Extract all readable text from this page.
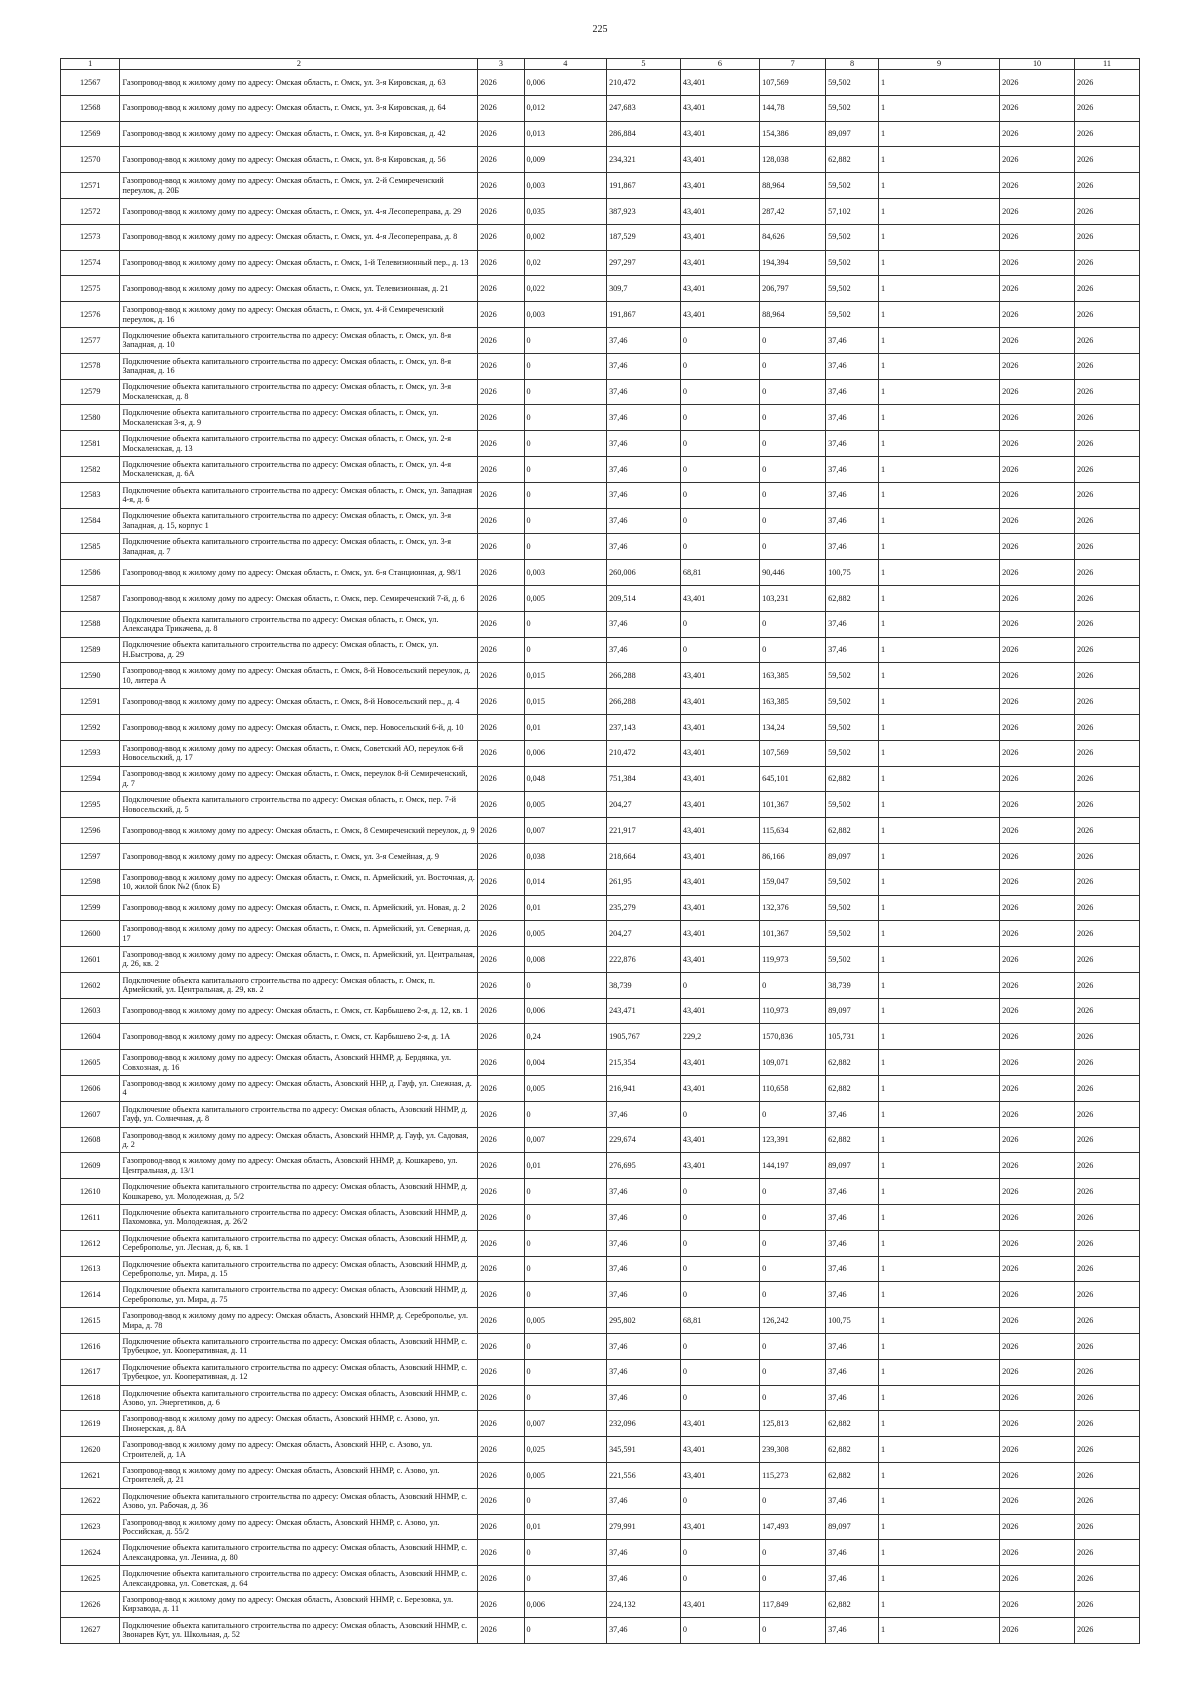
225
1	2	3	4	5	6	7	8	9	10	11
12567	Газопровод-ввод к жилому дому по адресу: Омская область, г. Омск, ул. 3-я Кировская, д. 63	2026	0,006	210,472	43,401	107,569	59,502	1	2026	2026
12568	Газопровод-ввод к жилому дому по адресу: Омская область, г. Омск, ул. 3-я Кировская, д. 64	2026	0,012	247,683	43,401	144,78	59,502	1	2026	2026
12569	Газопровод-ввод к жилому дому по адресу: Омская область, г. Омск, ул. 8-я Кировская, д. 42	2026	0,013	286,884	43,401	154,386	89,097	1	2026	2026
12570	Газопровод-ввод к жилому дому по адресу: Омская область, г. Омск, ул. 8-я Кировская, д. 56	2026	0,009	234,321	43,401	128,038	62,882	1	2026	2026
12571	Газопровод-ввод к жилому дому по адресу: Омская область, г. Омск, ул. 2-й Семиреченский переулок, д. 20Б	2026	0,003	191,867	43,401	88,964	59,502	1	2026	2026
12572	Газопровод-ввод к жилому дому по адресу: Омская область, г. Омск, ул. 4-я Лесопереправа, д. 29	2026	0,035	387,923	43,401	287,42	57,102	1	2026	2026
12573	Газопровод-ввод к жилому дому по адресу: Омская область, г. Омск, ул. 4-я Лесопереправа, д. 8	2026	0,002	187,529	43,401	84,626	59,502	1	2026	2026
12574	Газопровод-ввод к жилому дому по адресу: Омская область, г. Омск, 1-й Телевизионный пер., д. 13	2026	0,02	297,297	43,401	194,394	59,502	1	2026	2026
12575	Газопровод-ввод к жилому дому по адресу: Омская область, г. Омск, ул. Телевизионная, д. 21	2026	0,022	309,7	43,401	206,797	59,502	1	2026	2026
12576	Газопровод-ввод к жилому дому по адресу: Омская область, г. Омск, ул. 4-й Семиреченский переулок, д. 16	2026	0,003	191,867	43,401	88,964	59,502	1	2026	2026
12577	Подключение объекта капитального строительства по адресу: Омская область, г. Омск, ул. 8-я Западная, д. 10	2026	0	37,46	0	0	37,46	1	2026	2026
12578	Подключение объекта капитального строительства по адресу: Омская область, г. Омск, ул. 8-я Западная, д. 16	2026	0	37,46	0	0	37,46	1	2026	2026
12579	Подключение объекта капитального строительства по адресу: Омская область, г. Омск, ул. 3-я Москаленская, д. 8	2026	0	37,46	0	0	37,46	1	2026	2026
12580	Подключение объекта капитального строительства по адресу: Омская область, г. Омск, ул. Москаленская 3-я, д. 9	2026	0	37,46	0	0	37,46	1	2026	2026
12581	Подключение объекта капитального строительства по адресу: Омская область, г. Омск, ул. 2-я Москаленская, д. 13	2026	0	37,46	0	0	37,46	1	2026	2026
12582	Подключение объекта капитального строительства по адресу: Омская область, г. Омск, ул. 4-я Москаленская, д. 6А	2026	0	37,46	0	0	37,46	1	2026	2026
12583	Подключение объекта капитального строительства по адресу: Омская область, г. Омск, ул. Западная 4-я, д. 6	2026	0	37,46	0	0	37,46	1	2026	2026
12584	Подключение объекта капитального строительства по адресу: Омская область, г. Омск, ул. 3-я Западная, д. 15, корпус 1	2026	0	37,46	0	0	37,46	1	2026	2026
12585	Подключение объекта капитального строительства по адресу: Омская область, г. Омск, ул. 3-я Западная, д. 7	2026	0	37,46	0	0	37,46	1	2026	2026
12586	Газопровод-ввод к жилому дому по адресу: Омская область, г. Омск, ул. 6-я Станционная, д. 98/1	2026	0,003	260,006	68,81	90,446	100,75	1	2026	2026
12587	Газопровод-ввод к жилому дому по адресу: Омская область, г. Омск, пер. Семиреченский 7-й, д. 6	2026	0,005	209,514	43,401	103,231	62,882	1	2026	2026
12588	Подключение объекта капитального строительства по адресу: Омская область, г. Омск, ул. Александра Трикачева, д. 8	2026	0	37,46	0	0	37,46	1	2026	2026
12589	Подключение объекта капитального строительства по адресу: Омская область, г. Омск, ул. Н.Быстрова, д. 29	2026	0	37,46	0	0	37,46	1	2026	2026
12590	Газопровод-ввод к жилому дому по адресу: Омская область, г. Омск, 8-й Новосельский переулок, д. 10, литера А	2026	0,015	266,288	43,401	163,385	59,502	1	2026	2026
12591	Газопровод-ввод к жилому дому по адресу: Омская область, г. Омск, 8-й Новосельский пер., д. 4	2026	0,015	266,288	43,401	163,385	59,502	1	2026	2026
12592	Газопровод-ввод к жилому дому по адресу: Омская область, г. Омск, пер. Новосельский 6-й, д. 10	2026	0,01	237,143	43,401	134,24	59,502	1	2026	2026
12593	Газопровод-ввод к жилому дому по адресу: Омская область, г. Омск, Советский АО, переулок 6-й Новосельский, д. 17	2026	0,006	210,472	43,401	107,569	59,502	1	2026	2026
12594	Газопровод-ввод к жилому дому по адресу: Омская область, г. Омск, переулок 8-й Семиреченский, д. 7	2026	0,048	751,384	43,401	645,101	62,882	1	2026	2026
12595	Подключение объекта капитального строительства по адресу: Омская область, г. Омск, пер. 7-й Новосельский, д. 5	2026	0,005	204,27	43,401	101,367	59,502	1	2026	2026
12596	Газопровод-ввод к жилому дому по адресу: Омская область, г. Омск, 8 Семиреченский переулок, д. 9	2026	0,007	221,917	43,401	115,634	62,882	1	2026	2026
12597	Газопровод-ввод к жилому дому по адресу: Омская область, г. Омск, ул. 3-я Семейная, д. 9	2026	0,038	218,664	43,401	86,166	89,097	1	2026	2026
12598	Газопровод-ввод к жилому дому по адресу: Омская область, г. Омск, п. Армейский, ул. Восточная, д. 10, жилой блок №2 (блок Б)	2026	0,014	261,95	43,401	159,047	59,502	1	2026	2026
12599	Газопровод-ввод к жилому дому по адресу: Омская область, г. Омск, п. Армейский, ул. Новая, д. 2	2026	0,01	235,279	43,401	132,376	59,502	1	2026	2026
12600	Газопровод-ввод к жилому дому по адресу: Омская область, г. Омск, п. Армейский, ул. Северная, д. 17	2026	0,005	204,27	43,401	101,367	59,502	1	2026	2026
12601	Газопровод-ввод к жилому дому по адресу: Омская область, г. Омск, п. Армейский, ул. Центральная, д. 26, кв. 2	2026	0,008	222,876	43,401	119,973	59,502	1	2026	2026
12602	Подключение объекта капитального строительства по адресу: Омская область, г. Омск, п. Армейский, ул. Центральная, д. 29, кв. 2	2026	0	38,739	0	0	38,739	1	2026	2026
12603	Газопровод-ввод к жилому дому по адресу: Омская область, г. Омск, ст. Карбышево 2-я, д. 12, кв. 1	2026	0,006	243,471	43,401	110,973	89,097	1	2026	2026
12604	Газопровод-ввод к жилому дому по адресу: Омская область, г. Омск, ст. Карбышево 2-я, д. 1А	2026	0,24	1905,767	229,2	1570,836	105,731	1	2026	2026
12605	Газопровод-ввод к жилому дому по адресу: Омская область, Азовский ННМР, д. Бердянка, ул. Совхозная, д. 16	2026	0,004	215,354	43,401	109,071	62,882	1	2026	2026
12606	Газопровод-ввод к жилому дому по адресу: Омская область, Азовский ННР, д. Гауф, ул. Снежная, д. 4	2026	0,005	216,941	43,401	110,658	62,882	1	2026	2026
12607	Подключение объекта капитального строительства по адресу: Омская область, Азовский ННМР, д. Гауф, ул. Солнечная, д. 8	2026	0	37,46	0	0	37,46	1	2026	2026
12608	Газопровод-ввод к жилому дому по адресу: Омская область, Азовский ННМР, д. Гауф, ул. Садовая, д. 2	2026	0,007	229,674	43,401	123,391	62,882	1	2026	2026
12609	Газопровод-ввод к жилому дому по адресу: Омская область, Азовский ННМР, д. Кошкарево, ул. Центральная, д. 13/1	2026	0,01	276,695	43,401	144,197	89,097	1	2026	2026
12610	Подключение объекта капитального строительства по адресу: Омская область, Азовский ННМР, д. Кошкарево, ул. Молодежная, д. 5/2	2026	0	37,46	0	0	37,46	1	2026	2026
12611	Подключение объекта капитального строительства по адресу: Омская область, Азовский ННМР, д. Пахомовка, ул. Молодежная, д. 26/2	2026	0	37,46	0	0	37,46	1	2026	2026
12612	Подключение объекта капитального строительства по адресу: Омская область, Азовский ННМР, д. Сереброполье, ул. Лесная, д. 6, кв. 1	2026	0	37,46	0	0	37,46	1	2026	2026
12613	Подключение объекта капитального строительства по адресу: Омская область, Азовский ННМР, д. Сереброполье, ул. Мира, д. 15	2026	0	37,46	0	0	37,46	1	2026	2026
12614	Подключение объекта капитального строительства по адресу: Омская область, Азовский ННМР, д. Сереброполье, ул. Мира, д. 75	2026	0	37,46	0	0	37,46	1	2026	2026
12615	Газопровод-ввод к жилому дому по адресу: Омская область, Азовский ННМР, д. Сереброполье, ул. Мира, д. 78	2026	0,005	295,802	68,81	126,242	100,75	1	2026	2026
12616	Подключение объекта капитального строительства по адресу: Омская область, Азовский ННМР, с. Трубецкое, ул. Кооперативная, д. 11	2026	0	37,46	0	0	37,46	1	2026	2026
12617	Подключение объекта капитального строительства по адресу: Омская область, Азовский ННМР, с. Трубецкое, ул. Кооперативная, д. 12	2026	0	37,46	0	0	37,46	1	2026	2026
12618	Подключение объекта капитального строительства по адресу: Омская область, Азовский ННМР, с. Азово, ул. Энергетиков, д. 6	2026	0	37,46	0	0	37,46	1	2026	2026
12619	Газопровод-ввод к жилому дому по адресу: Омская область, Азовский ННМР, с. Азово, ул. Пионерская, д. 8А	2026	0,007	232,096	43,401	125,813	62,882	1	2026	2026
12620	Газопровод-ввод к жилому дому по адресу: Омская область, Азовский ННР, с. Азово, ул. Строителей, д. 1А	2026	0,025	345,591	43,401	239,308	62,882	1	2026	2026
12621	Газопровод-ввод к жилому дому по адресу: Омская область, Азовский ННМР, с. Азово, ул. Строителей, д. 21	2026	0,005	221,556	43,401	115,273	62,882	1	2026	2026
12622	Подключение объекта капитального строительства по адресу: Омская область, Азовский ННМР, с. Азово, ул. Рабочая, д. 36	2026	0	37,46	0	0	37,46	1	2026	2026
12623	Газопровод-ввод к жилому дому по адресу: Омская область, Азовский ННМР, с. Азово, ул. Российская, д. 55/2	2026	0,01	279,991	43,401	147,493	89,097	1	2026	2026
12624	Подключение объекта капитального строительства по адресу: Омская область, Азовский ННМР, с. Александровка, ул. Ленина, д. 80	2026	0	37,46	0	0	37,46	1	2026	2026
12625	Подключение объекта капитального строительства по адресу: Омская область, Азовский ННМР, с. Александровка, ул. Советская, д. 64	2026	0	37,46	0	0	37,46	1	2026	2026
12626	Газопровод-ввод к жилому дому по адресу: Омская область, Азовский ННМР, с. Березовка, ул. Кирзавода, д. 11	2026	0,006	224,132	43,401	117,849	62,882	1	2026	2026
12627	Подключение объекта капитального строительства по адресу: Омская область, Азовский ННМР, с. Звонарев Кут, ул. Школьная, д. 52	2026	0	37,46	0	0	37,46	1	2026	2026
